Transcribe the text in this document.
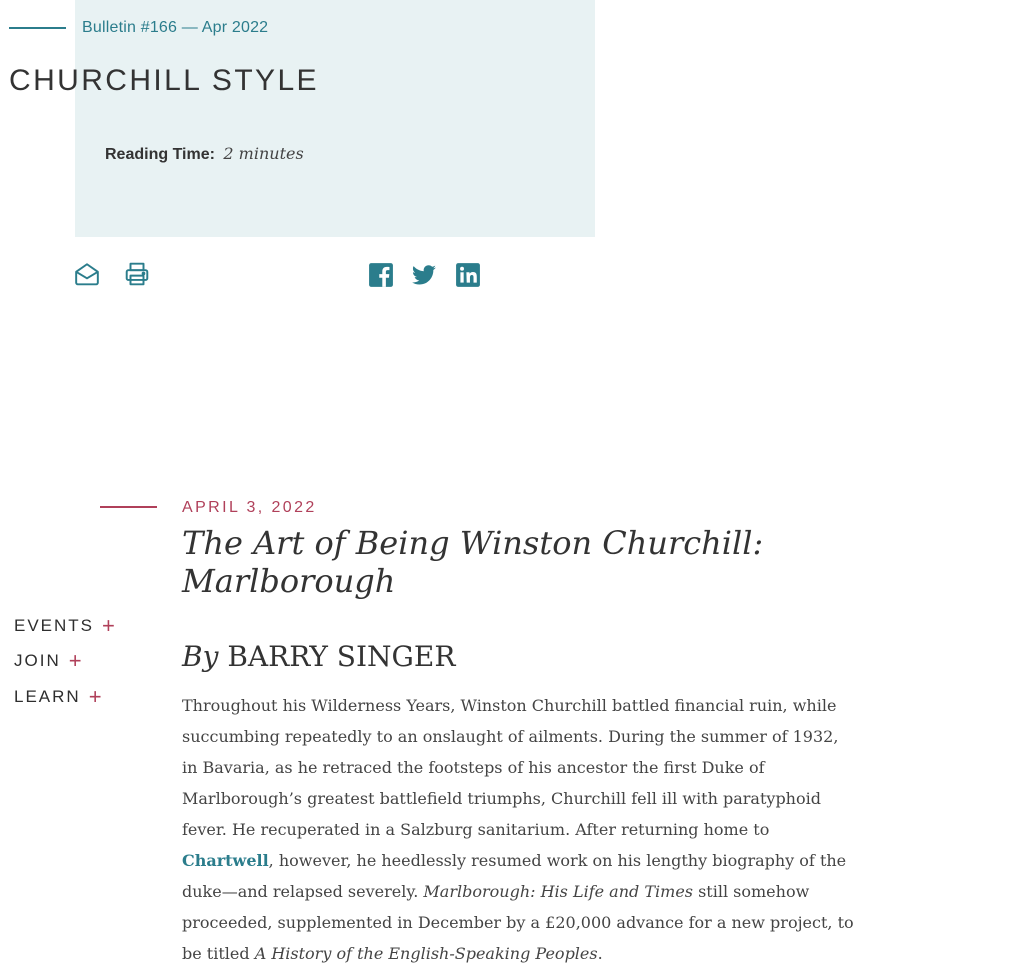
Bulletin #166 — Apr 2022
CHURCHILL STYLE
Reading Time: 2 minutes
EVENTS +
JOIN +
LEARN +
APRIL 3, 2022
The Art of Being Winston Churchill: Marlborough

By BARRY SINGER

Throughout his Wilderness Years, Winston Churchill battled financial ruin, while succumbing repeatedly to an onslaught of ailments. During the summer of 1932, in Bavaria, as he retraced the footsteps of his ancestor the first Duke of Marlborough’s greatest battlefield triumphs, Churchill fell ill with paratyphoid fever. He recuperated in a Salzburg sanitarium. After returning home to Chartwell, however, he heedlessly resumed work on his lengthy biography of the duke—and relapsed severely. Marlborough: His Life and Times still somehow proceeded, supplemented in December by a £20,000 advance for a new project, to be titled A History of the English-Speaking Peoples.
